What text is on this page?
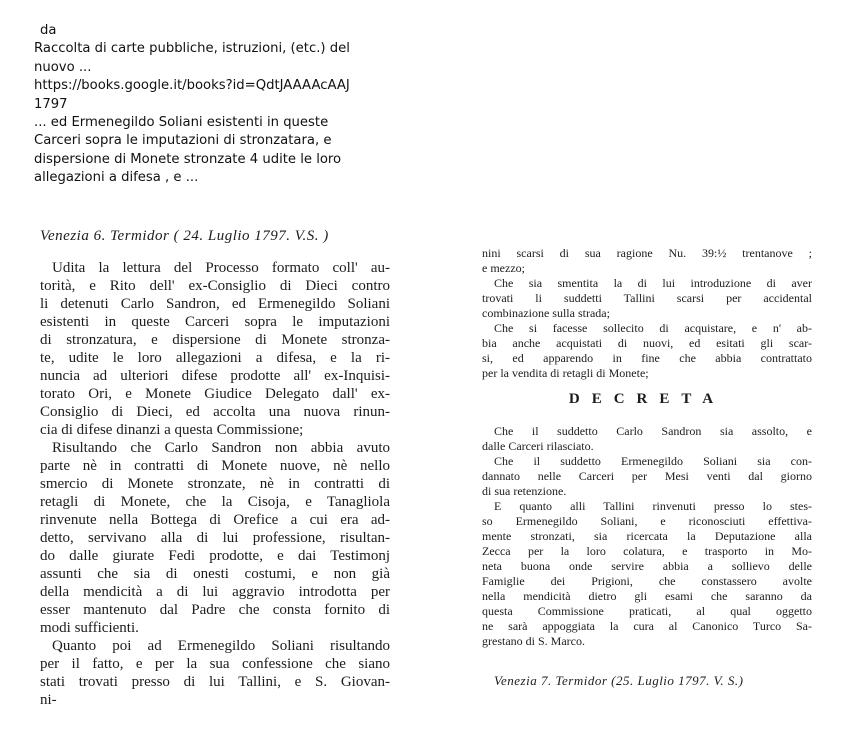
da
Raccolta di carte pubbliche, istruzioni, (etc.) del
nuovo ...
https://books.google.it/books?id=QdtJAAAAcAAJ
1797
... ed Ermenegildo Soliani esistenti in queste
Carceri sopra le imputazioni di stronzatara, e
dispersione di Monete stronzate 4 udite le loro
allegazioni a difesa , e ...
Venezia 6. Termidor ( 24. Luglio 1797. V.S. )
Udita la lettura del Processo formato coll' au-
torità, e Rito dell' ex-Consiglio di Dieci contro
li detenuti Carlo Sandron, ed Ermenegildo Soliani
esistenti in queste Carceri sopra le imputazioni
di stronzatura, e dispersione di Monete stronza-
te, udite le loro allegazioni a difesa, e la ri-
nuncia ad ulteriori difese prodotte all' ex-Inquisi-
torato Ori, e Monete Giudice Delegato dall' ex-
Consiglio di Dieci, ed accolta una nuova rinun-
cia di difese dinanzi a questa Commissione;
Risultando che Carlo Sandron non abbia avuto
parte nè in contratti di Monete nuove, nè nello
smercio di Monete stronzate, nè in contratti di
retagli di Monete, che la Cisoja, e Tanagliola
rinvenute nella Bottega di Orefice a cui era ad-
detto, servivano alla di lui professione, risultan-
do dalle giurate Fedi prodotte, e dai Testimonj
assunti che sia di onesti costumi, e non già
della mendicità a di lui aggravio introdotta per
esser mantenuto dal Padre che consta fornito di
modi sufficienti.
Quanto poi ad Ermenegildo Soliani risultando
per il fatto, e per la sua confessione che siano
stati trovati presso di lui Tallini, e S. Giovan-
ni-
nini scarsi di sua ragione Nu. 39:½ trentanove ;
e mezzo;
Che sia smentita la di lui introduzione di aver
trovati li suddetti Tallini scarsi per accidental
combinazione sulla strada;
Che si facesse sollecito di acquistare, e n' ab-
bia anche acquistati di nuovi, ed esitati gli scar-
si, ed apparendo in fine che abbia contrattato
per la vendita di retagli di Monete;
DECRETA
Che il suddetto Carlo Sandron sia assolto, e
dalle Carceri rilasciato.
Che il suddetto Ermenegildo Soliani sia con-
dannato nelle Carceri per Mesi venti dal giorno
di sua retenzione.
E quanto alli Tallini rinvenuti presso lo stes-
so Ermenegildo Soliani, e riconosciuti effettiva-
mente stronzati, sia ricercata la Deputazione alla
Zecca per la loro colatura, e trasporto in Mo-
neta buona onde servire abbia a sollievo delle
Famiglie dei Prigioni, che constassero avolte
nella mendicità dietro gli esami che saranno da
questa Commissione praticati, al qual oggetto
ne sarà appoggiata la cura al Canonico Turco Sa-
grestano di S. Marco.
Venezia 7. Termidor (25. Luglio 1797. V. S.)
